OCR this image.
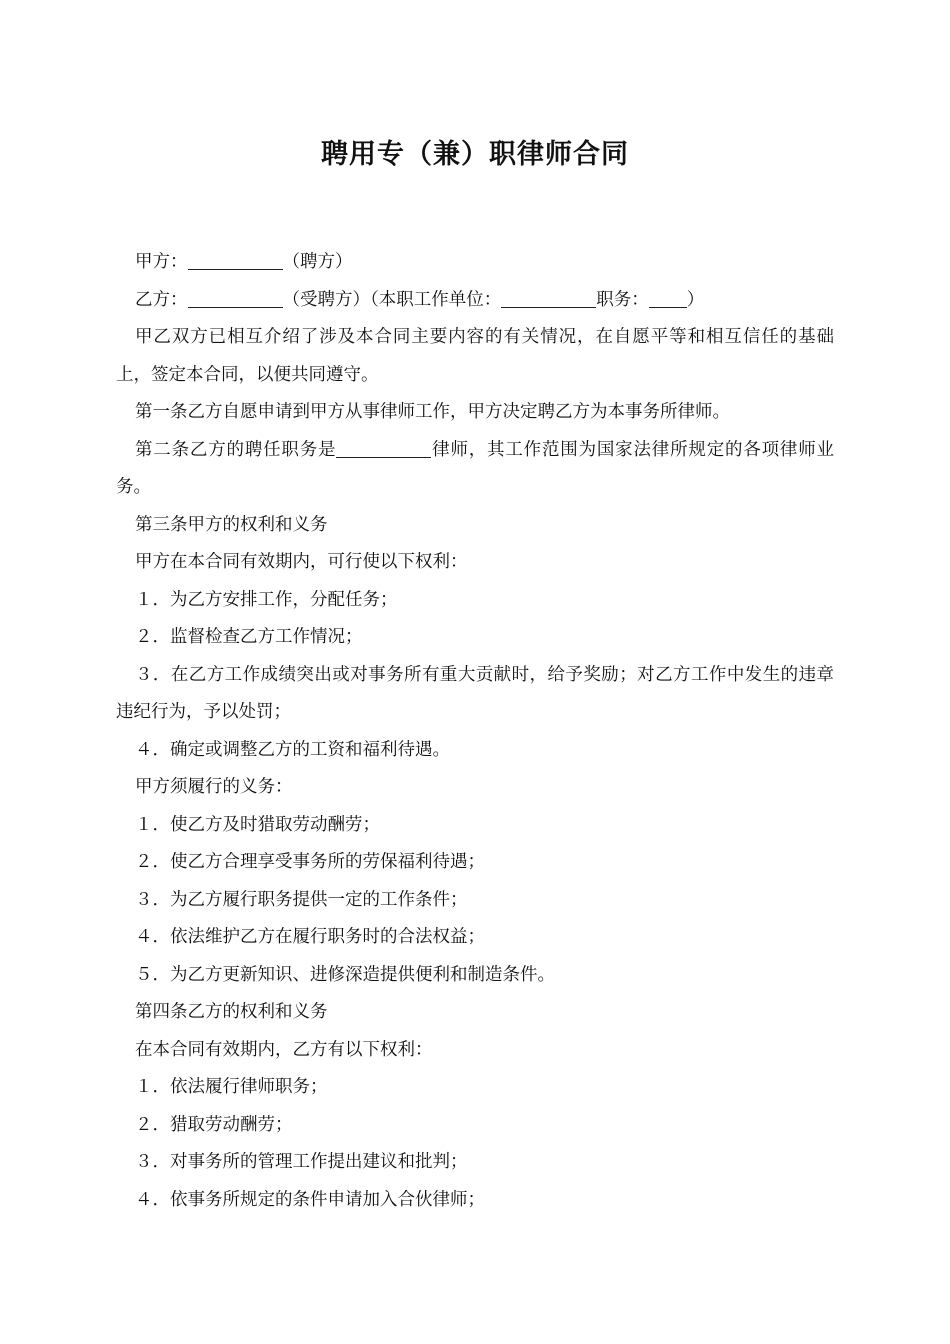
聘用专（兼）职律师合同

甲方：	（聘方）

乙方：	（受聘方）（本职工作单位：	职务： ）

甲乙双方已相互介绍了涉及本合同主要内容的有关情况，在自愿平等和相互信任的基础上，签定本合同，以便共同遵守。

第一条乙方自愿申请到甲方从事律师工作，甲方决定聘乙方为本事务所律师。

第二条乙方的聘任职务是	律师，其工作范围为国家法律所规定的各项律师业务。

第三条甲方的权利和义务

甲方在本合同有效期内，可行使以下权利：

１．为乙方安排工作，分配任务；

２．监督检查乙方工作情况；

３．在乙方工作成绩突出或对事务所有重大贡献时，给予奖励；对乙方工作中发生的违章违纪行为，予以处罚；

４．确定或调整乙方的工资和福利待遇。

甲方须履行的义务：

１．使乙方及时猎取劳动酬劳；

２．使乙方合理享受事务所的劳保福利待遇；

３．为乙方履行职务提供一定的工作条件；

４．依法维护乙方在履行职务时的合法权益；

５．为乙方更新知识、进修深造提供便利和制造条件。

第四条乙方的权利和义务

在本合同有效期内，乙方有以下权利：

１．依法履行律师职务；

２．猎取劳动酬劳；

３．对事务所的管理工作提出建议和批判；

４．依事务所规定的条件申请加入合伙律师；
